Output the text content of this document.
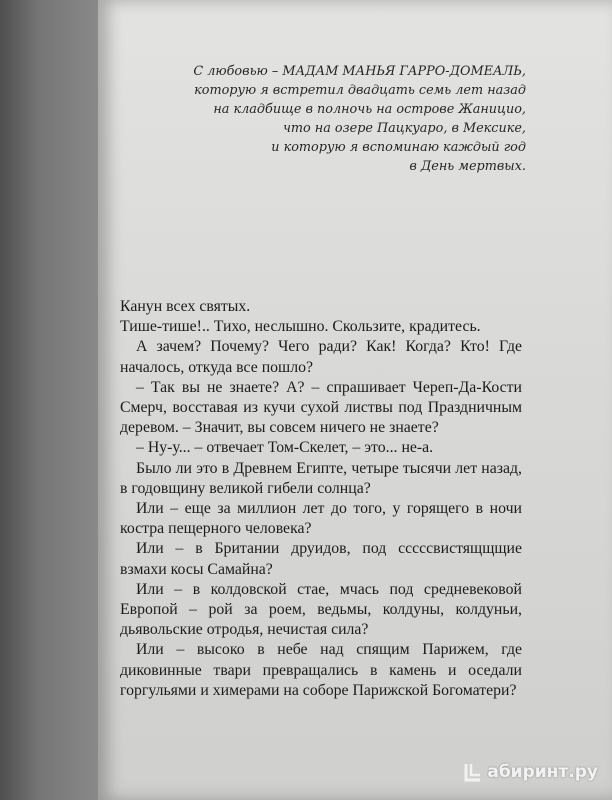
С любовью – МАДАМ МАНЬЯ ГАРРО-ДОМЕАЛЬ,
которую я встретил двадцать семь лет назад
на кладбище в полночь на острове Жаницио,
что на озере Пацкуаро, в Мексике,
и которую я вспоминаю каждый год
в День мертвых.

Канун всех святых.

Тише-тише!.. Тихо, неслышно. Скользите, крадитесь.

А зачем? Почему? Чего ради? Как! Когда? Кто! Где началось, откуда все пошло?

– Так вы не знаете? А? – спрашивает Череп-Да-Кости Смерч, восставая из кучи сухой листвы под Праздничным деревом. – Значит, вы совсем ничего не знаете?

– Ну-у... – отвечает Том-Скелет, – это... не-а.

Было ли это в Древнем Египте, четыре тысячи лет назад, в годовщину великой гибели солнца?

Или – еще за миллион лет до того, у горящего в ночи костра пещерного человека?

Или – в Британии друидов, под сссссвистящщщие взмахи косы Самайна?

Или – в колдовской стае, мчась под средневековой Европой – рой за роем, ведьмы, колдуны, колдуньи, дьявольские отродья, нечистая сила?

Или – высоко в небе над спящим Парижем, где диковинные твари превращались в камень и оседали горгульями и химерами на соборе Парижской Богоматери?

абиринт.ру
